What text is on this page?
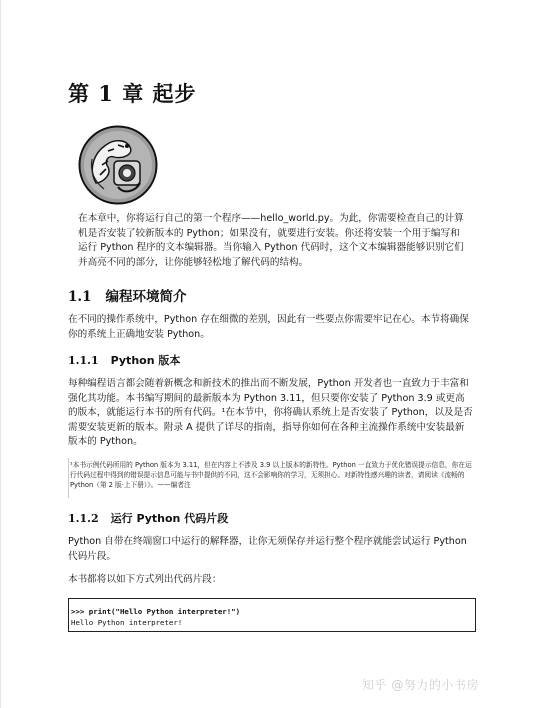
第 1 章 起步

在本章中，你将运行自己的第一个程序——hello_world.py。为此，你需要检查自己的计算机是否安装了较新版本的 Python；如果没有，就要进行安装。你还将安装一个用于编写和运行 Python 程序的文本编辑器。当你输入 Python 代码时，这个文本编辑器能够识别它们并高亮不同的部分，让你能够轻松地了解代码的结构。

1.1 编程环境简介

在不同的操作系统中，Python 存在细微的差别，因此有一些要点你需要牢记在心。本节将确保你的系统上正确地安装 Python。

1.1.1 Python 版本

每种编程语言都会随着新概念和新技术的推出而不断发展，Python 开发者也一直致力于丰富和强化其功能。本书编写期间的最新版本为 Python 3.11，但只要你安装了 Python 3.9 或更高的版本，就能运行本书的所有代码。¹在本节中，你将确认系统上是否安装了 Python，以及是否需要安装更新的版本。附录 A 提供了详尽的指南，指导你如何在各种主流操作系统中安装最新版本的 Python。

¹本书示例代码所用的 Python 版本为 3.11，但在内容上不涉及 3.9 以上版本的新特性。Python 一直致力于优化错误提示信息，你在运行代码过程中得到的错误提示信息可能与书中提供的不同，这不会影响你的学习，无须担心。对新特性感兴趣的读者，请阅读《流畅的 Python（第 2 版·上下册）》。——编者注
1.1.2 运行 Python 代码片段

Python 自带在终端窗口中运行的解释器，让你无须保存并运行整个程序就能尝试运行 Python 代码片段。

本书都将以如下方式列出代码片段：

>>> print("Hello Python interpreter!")
Hello Python interpreter!
知乎 @努力的小书房
